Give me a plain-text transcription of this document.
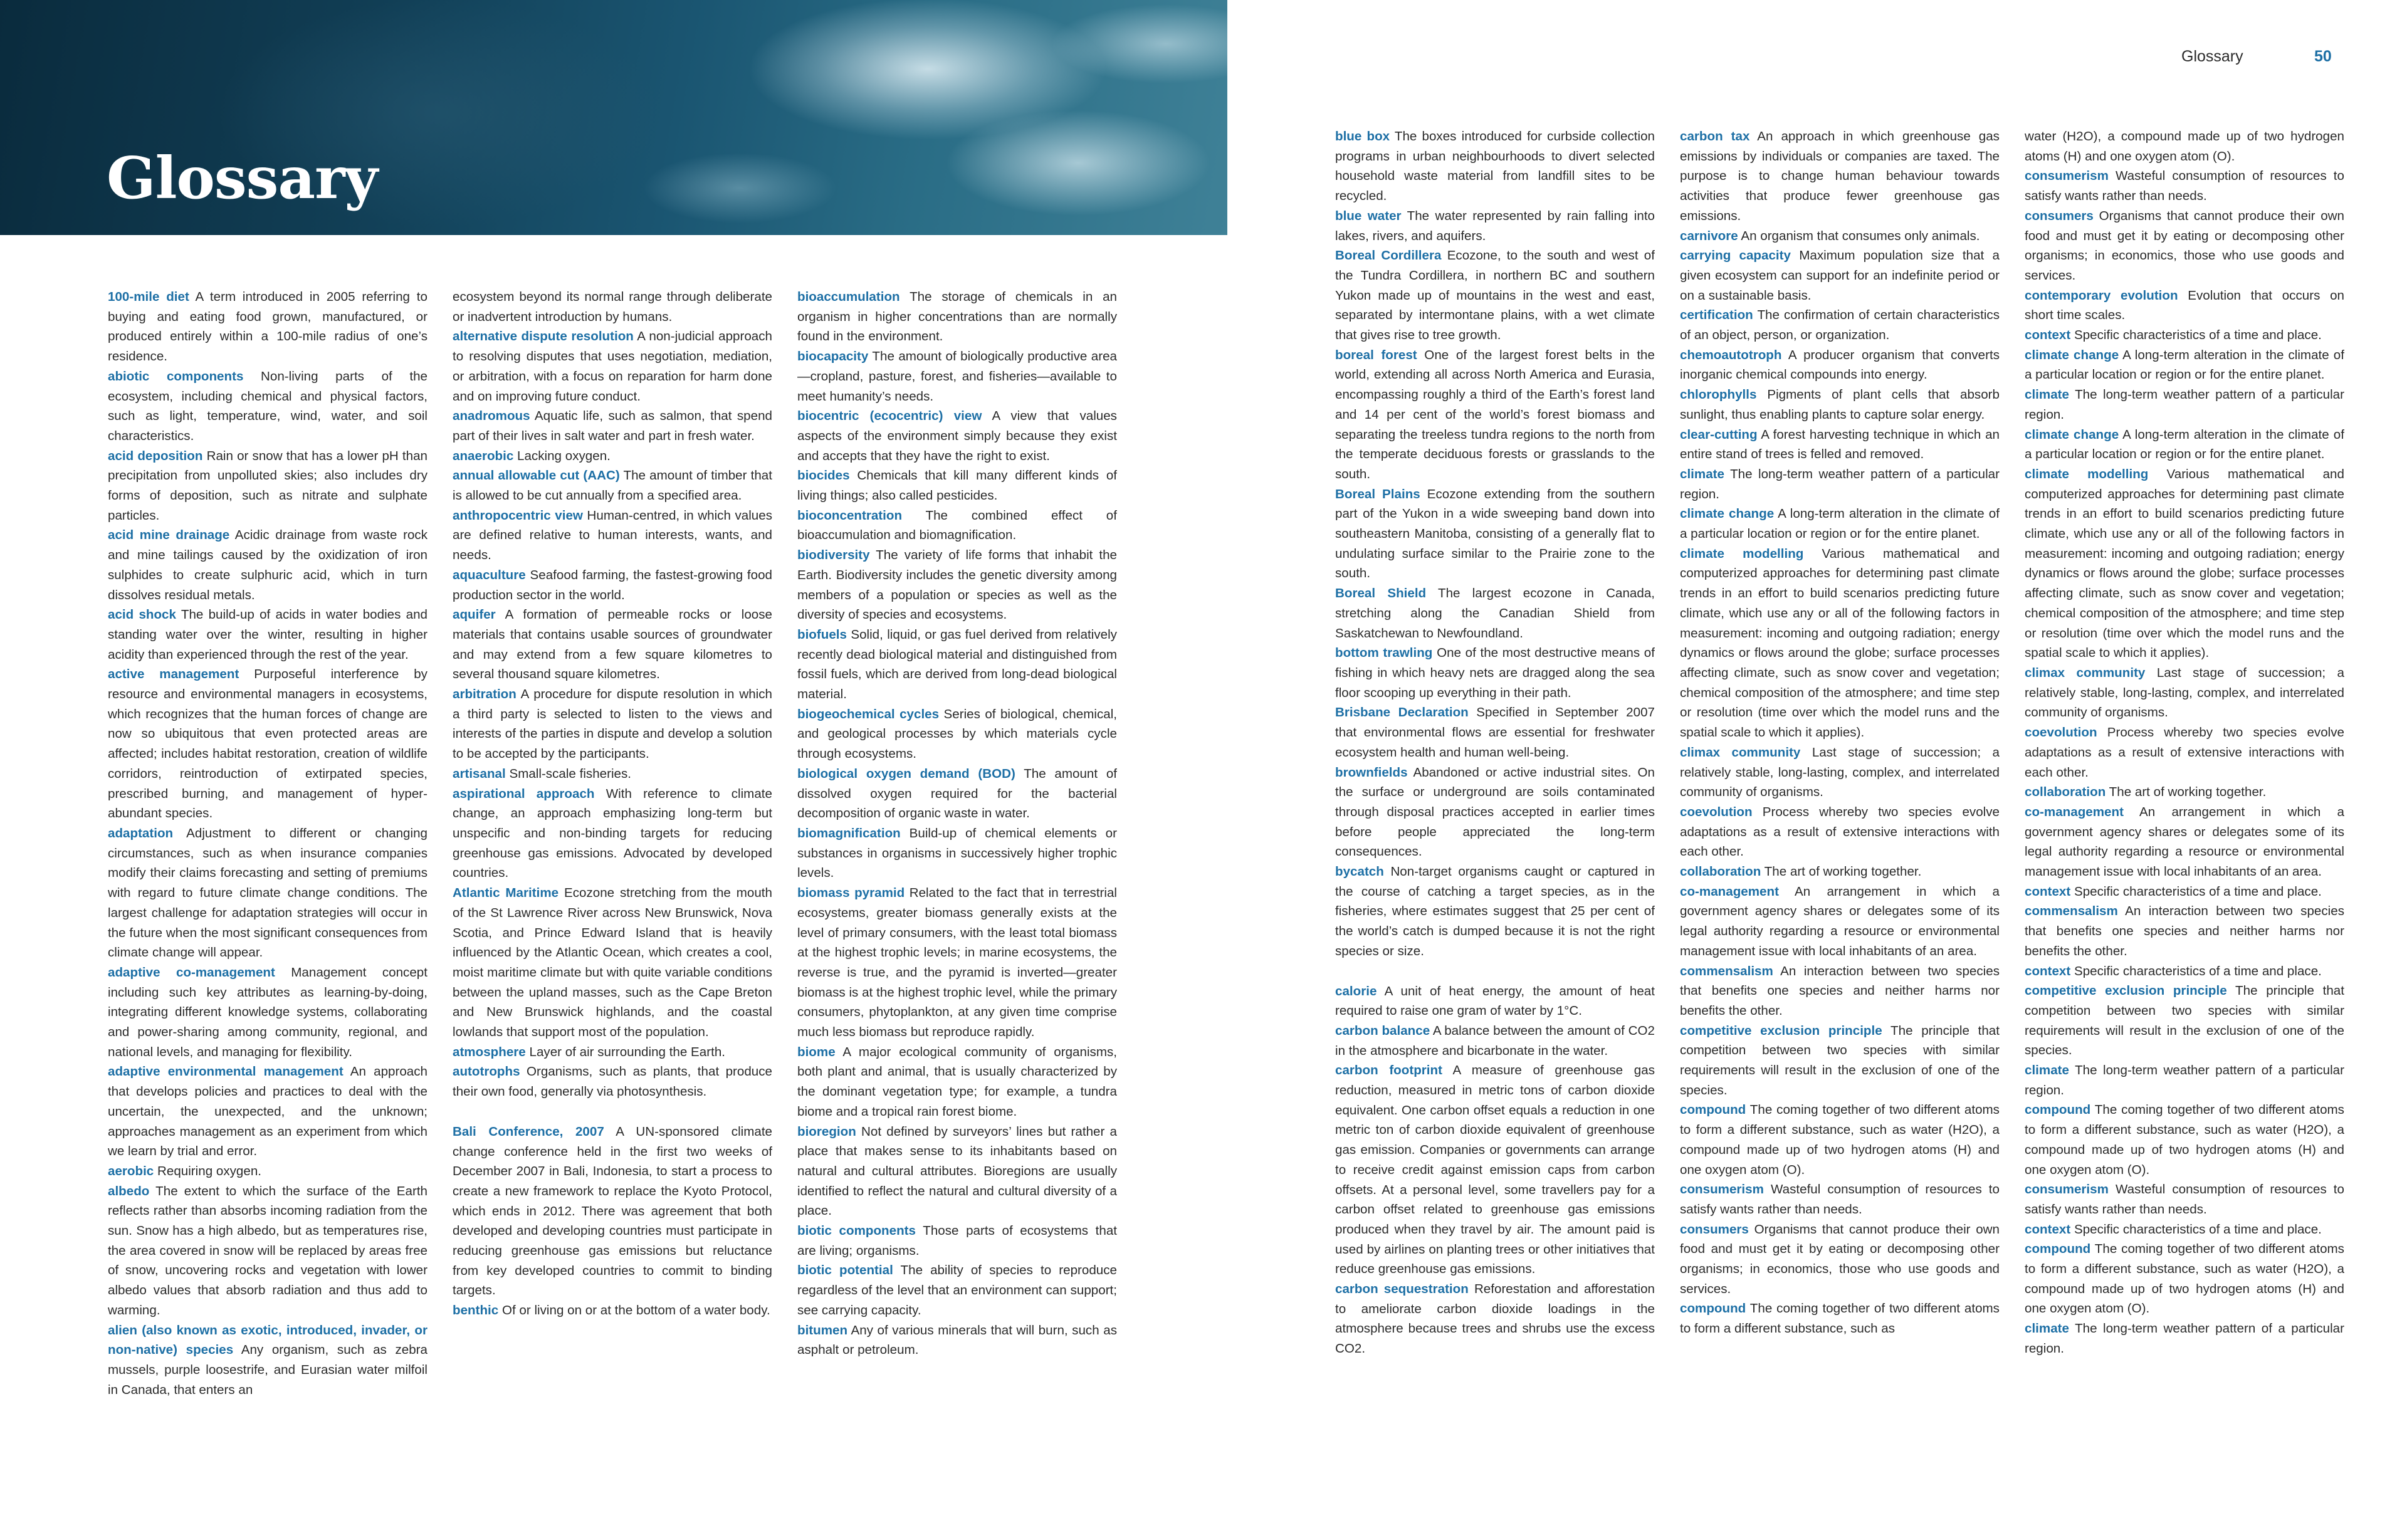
Glossary
Glossary	50

100-mile diet A term introduced in 2005 referring to buying and eating food grown, manufactured, or produced entirely within a 100-mile radius of one’s residence.

abiotic components Non-living parts of the ecosystem, including chemical and physical factors, such as light, temperature, wind, water, and soil characteristics.

acid deposition Rain or snow that has a lower pH than precipitation from unpolluted skies; also includes dry forms of deposition, such as nitrate and sulphate particles.

acid mine drainage Acidic drainage from waste rock and mine tailings caused by the oxidization of iron sulphides to create sulphuric acid, which in turn dissolves residual metals.

acid shock The build-up of acids in water bodies and standing water over the winter, resulting in higher acidity than experienced through the rest of the year.

active management Purposeful interference by resource and environmental managers in ecosystems, which recognizes that the human forces of change are now so ubiquitous that even protected areas are affected; includes habitat restoration, creation of wildlife corridors, reintroduction of extirpated species, prescribed burning, and management of hyper-abundant species.

adaptation Adjustment to different or changing circumstances, such as when insurance companies modify their claims forecasting and setting of premiums with regard to future climate change conditions. The largest challenge for adaptation strategies will occur in the future when the most significant consequences from climate change will appear.

adaptive co-management Management concept including such key attributes as learning-by-doing, integrating different knowledge systems, collaborating and power-sharing among community, regional, and national levels, and managing for flexibility.

adaptive environmental management An approach that develops policies and practices to deal with the uncertain, the unexpected, and the unknown; approaches management as an experiment from which we learn by trial and error.

aerobic Requiring oxygen.

albedo The extent to which the surface of the Earth reflects rather than absorbs incoming radiation from the sun. Snow has a high albedo, but as temperatures rise, the area covered in snow will be replaced by areas free of snow, uncovering rocks and vegetation with lower albedo values that absorb radiation and thus add to warming.

alien (also known as exotic, introduced, invader, or non-native) species Any organism, such as zebra mussels, purple loosestrife, and Eurasian water milfoil in Canada, that enters an

ecosystem beyond its normal range through deliberate or inadvertent introduction by humans.

alternative dispute resolution A non-judicial approach to resolving disputes that uses negotiation, mediation, or arbitration, with a focus on reparation for harm done and on improving future conduct.

anadromous Aquatic life, such as salmon, that spend part of their lives in salt water and part in fresh water.

anaerobic Lacking oxygen.

annual allowable cut (AAC) The amount of timber that is allowed to be cut annually from a specified area.

anthropocentric view Human-centred, in which values are defined relative to human interests, wants, and needs.

aquaculture Seafood farming, the fastest-growing food production sector in the world.

aquifer A formation of permeable rocks or loose materials that contains usable sources of groundwater and may extend from a few square kilometres to several thousand square kilometres.

arbitration A procedure for dispute resolution in which a third party is selected to listen to the views and interests of the parties in dispute and develop a solution to be accepted by the participants.

artisanal Small-scale fisheries.

aspirational approach With reference to climate change, an approach emphasizing long-term but unspecific and non-binding targets for reducing greenhouse gas emissions. Advocated by developed countries.

Atlantic Maritime Ecozone stretching from the mouth of the St Lawrence River across New Brunswick, Nova Scotia, and Prince Edward Island that is heavily influenced by the Atlantic Ocean, which creates a cool, moist maritime climate but with quite variable conditions between the upland masses, such as the Cape Breton and New Brunswick highlands, and the coastal lowlands that support most of the population.

atmosphere Layer of air surrounding the Earth.

autotrophs Organisms, such as plants, that produce their own food, generally via photosynthesis.

Bali Conference, 2007 A UN-sponsored climate change conference held in the first two weeks of December 2007 in Bali, Indonesia, to start a process to create a new framework to replace the Kyoto Protocol, which ends in 2012. There was agreement that both developed and developing countries must participate in reducing greenhouse gas emissions but reluctance from key developed countries to commit to binding targets.

benthic Of or living on or at the bottom of a water body.

bioaccumulation The storage of chemicals in an organism in higher concentrations than are normally found in the environment.

biocapacity The amount of biologically productive area—cropland, pasture, forest, and fisheries—available to meet humanity’s needs.

biocentric (ecocentric) view A view that values aspects of the environment simply because they exist and accepts that they have the right to exist.

biocides Chemicals that kill many different kinds of living things; also called pesticides.

bioconcentration The combined effect of bioaccumulation and biomagnification.

biodiversity The variety of life forms that inhabit the Earth. Biodiversity includes the genetic diversity among members of a population or species as well as the diversity of species and ecosystems.

biofuels Solid, liquid, or gas fuel derived from relatively recently dead biological material and distinguished from fossil fuels, which are derived from long-dead biological material.

biogeochemical cycles Series of biological, chemical, and geological processes by which materials cycle through ecosystems.

biological oxygen demand (BOD) The amount of dissolved oxygen required for the bacterial decomposition of organic waste in water.

biomagnification Build-up of chemical elements or substances in organisms in successively higher trophic levels.

biomass pyramid Related to the fact that in terrestrial ecosystems, greater biomass generally exists at the level of primary consumers, with the least total biomass at the highest trophic levels; in marine ecosystems, the reverse is true, and the pyramid is inverted—greater biomass is at the highest trophic level, while the primary consumers, phytoplankton, at any given time comprise much less biomass but reproduce rapidly.

biome A major ecological community of organisms, both plant and animal, that is usually characterized by the dominant vegetation type; for example, a tundra biome and a tropical rain forest biome.

bioregion Not defined by surveyors’ lines but rather a place that makes sense to its inhabitants based on natural and cultural attributes. Bioregions are usually identified to reflect the natural and cultural diversity of a place.

biotic components Those parts of ecosystems that are living; organisms.

biotic potential The ability of species to reproduce regardless of the level that an environment can support; see carrying capacity.

bitumen Any of various minerals that will burn, such as asphalt or petroleum.

blue box The boxes introduced for curbside collection programs in urban neighbourhoods to divert selected household waste material from landfill sites to be recycled.

blue water The water represented by rain falling into lakes, rivers, and aquifers.

Boreal Cordillera Ecozone, to the south and west of the Tundra Cordillera, in northern BC and southern Yukon made up of mountains in the west and east, separated by intermontane plains, with a wet climate that gives rise to tree growth.

boreal forest One of the largest forest belts in the world, extending all across North America and Eurasia, encompassing roughly a third of the Earth’s forest land and 14 per cent of the world’s forest biomass and separating the treeless tundra regions to the north from the temperate deciduous forests or grasslands to the south.

Boreal Plains Ecozone extending from the southern part of the Yukon in a wide sweeping band down into southeastern Manitoba, consisting of a generally flat to undulating surface similar to the Prairie zone to the south.

Boreal Shield The largest ecozone in Canada, stretching along the Canadian Shield from Saskatchewan to Newfoundland.

bottom trawling One of the most destructive means of fishing in which heavy nets are dragged along the sea floor scooping up everything in their path.

Brisbane Declaration Specified in September 2007 that environmental flows are essential for freshwater ecosystem health and human well-being.

brownfields Abandoned or active industrial sites. On the surface or underground are soils contaminated through disposal practices accepted in earlier times before people appreciated the long-term consequences.

bycatch Non-target organisms caught or captured in the course of catching a target species, as in the fisheries, where estimates suggest that 25 per cent of the world’s catch is dumped because it is not the right species or size.

calorie A unit of heat energy, the amount of heat required to raise one gram of water by 1°C.

carbon balance A balance between the amount of CO2 in the atmosphere and bicarbonate in the water.

carbon footprint A measure of greenhouse gas reduction, measured in metric tons of carbon dioxide equivalent. One carbon offset equals a reduction in one metric ton of carbon dioxide equivalent of greenhouse gas emission. Companies or governments can arrange to receive credit against emission caps from carbon offsets. At a personal level, some travellers pay for a carbon offset related to greenhouse gas emissions produced when they travel by air. The amount paid is used by airlines on planting trees or other initiatives that reduce greenhouse gas emissions.

carbon sequestration Reforestation and afforestation to ameliorate carbon dioxide loadings in the atmosphere because trees and shrubs use the excess CO2.

carbon tax An approach in which greenhouse gas emissions by individuals or companies are taxed. The purpose is to change human behaviour towards activities that produce fewer greenhouse gas emissions.

carnivore An organism that consumes only animals.

carrying capacity Maximum population size that a given ecosystem can support for an indefinite period or on a sustainable basis.

certification The confirmation of certain characteristics of an object, person, or organization.

chemoautotroph A producer organism that converts inorganic chemical compounds into energy.

chlorophylls Pigments of plant cells that absorb sunlight, thus enabling plants to capture solar energy.

clear-cutting A forest harvesting technique in which an entire stand of trees is felled and removed.

climate The long-term weather pattern of a particular region.

climate change A long-term alteration in the climate of a particular location or region or for the entire planet.

climate modelling Various mathematical and computerized approaches for determining past climate trends in an effort to build scenarios predicting future climate, which use any or all of the following factors in measurement: incoming and outgoing radiation; energy dynamics or flows around the globe; surface processes affecting climate, such as snow cover and vegetation; chemical composition of the atmosphere; and time step or resolution (time over which the model runs and the spatial scale to which it applies).

climax community Last stage of succession; a relatively stable, long-lasting, complex, and interrelated community of organisms.

coevolution Process whereby two species evolve adaptations as a result of extensive interactions with each other.

collaboration The art of working together.

co-management An arrangement in which a government agency shares or delegates some of its legal authority regarding a resource or environmental management issue with local inhabitants of an area.

commensalism An interaction between two species that benefits one species and neither harms nor benefits the other.

competitive exclusion principle The principle that competition between two species with similar requirements will result in the exclusion of one of the species.

compound The coming together of two different atoms to form a different substance, such as water (H2O), a compound made up of two hydrogen atoms (H) and one oxygen atom (O).

consumerism Wasteful consumption of resources to satisfy wants rather than needs.

consumers Organisms that cannot produce their own food and must get it by eating or decomposing other organisms; in economics, those who use goods and services.

compound The coming together of two different atoms to form a different substance, such as

water (H2O), a compound made up of two hydrogen atoms (H) and one oxygen atom (O).

consumerism Wasteful consumption of resources to satisfy wants rather than needs.

consumers Organisms that cannot produce their own food and must get it by eating or decomposing other organisms; in economics, those who use goods and services.

contemporary evolution Evolution that occurs on short time scales.

context Specific characteristics of a time and place.

climate change A long-term alteration in the climate of a particular location or region or for the entire planet.

climate The long-term weather pattern of a particular region.

climate change A long-term alteration in the climate of a particular location or region or for the entire planet.

climate modelling Various mathematical and computerized approaches for determining past climate trends in an effort to build scenarios predicting future climate, which use any or all of the following factors in measurement: incoming and outgoing radiation; energy dynamics or flows around the globe; surface processes affecting climate, such as snow cover and vegetation; chemical composition of the atmosphere; and time step or resolution (time over which the model runs and the spatial scale to which it applies).

climax community Last stage of succession; a relatively stable, long-lasting, complex, and interrelated community of organisms.

coevolution Process whereby two species evolve adaptations as a result of extensive interactions with each other.

collaboration The art of working together.

co-management An arrangement in which a government agency shares or delegates some of its legal authority regarding a resource or environmental management issue with local inhabitants of an area.

context Specific characteristics of a time and place.

commensalism An interaction between two species that benefits one species and neither harms nor benefits the other.

context Specific characteristics of a time and place.

competitive exclusion principle The principle that competition between two species with similar requirements will result in the exclusion of one of the species.

climate The long-term weather pattern of a particular region.

compound The coming together of two different atoms to form a different substance, such as water (H2O), a compound made up of two hydrogen atoms (H) and one oxygen atom (O).

consumerism Wasteful consumption of resources to satisfy wants rather than needs.

context Specific characteristics of a time and place.

compound The coming together of two different atoms to form a different substance, such as water (H2O), a compound made up of two hydrogen atoms (H) and one oxygen atom (O).

climate The long-term weather pattern of a particular region.
